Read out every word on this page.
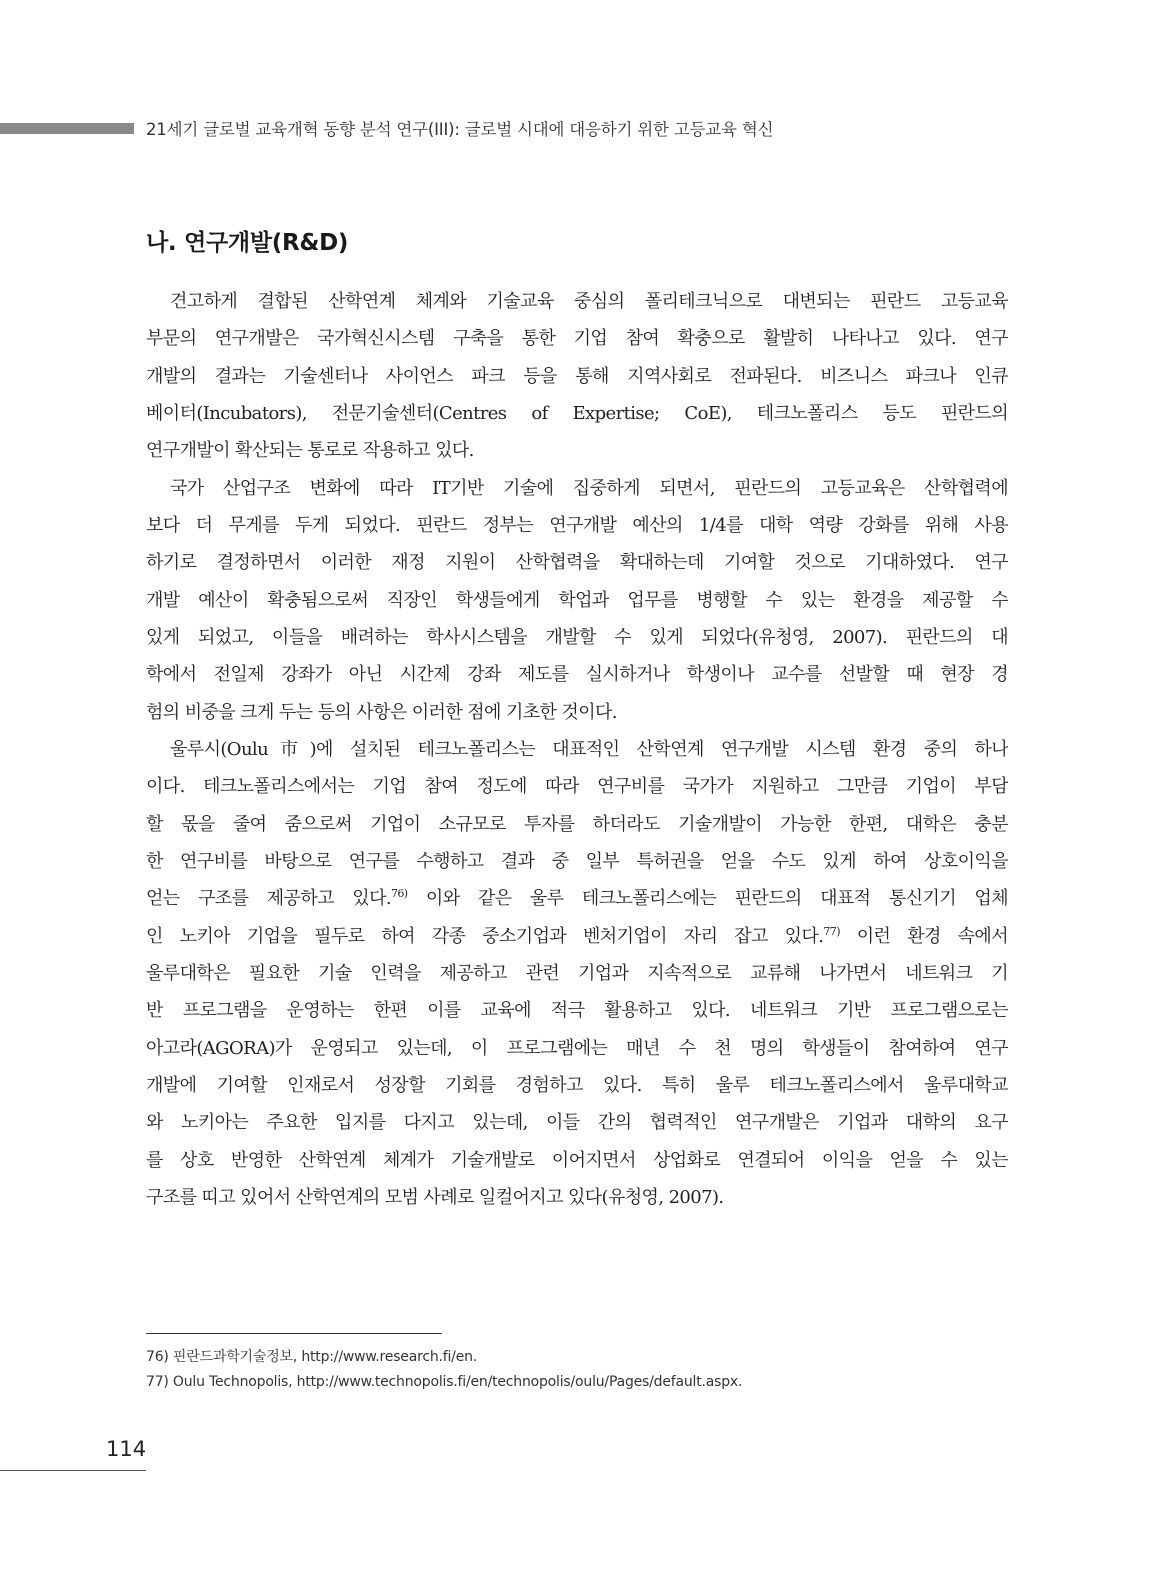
21세기 글로벌 교육개혁 동향 분석 연구(III): 글로벌 시대에 대응하기 위한 고등교육 혁신
나. 연구개발(R&D)
견고하게 결합된 산학연계 체계와 기술교육 중심의 폴리테크닉으로 대변되는 핀란드 고등교육
부문의 연구개발은 국가혁신시스템 구축을 통한 기업 참여 확충으로 활발히 나타나고 있다. 연구
개발의 결과는 기술센터나 사이언스 파크 등을 통해 지역사회로 전파된다. 비즈니스 파크나 인큐
베이터(Incubators), 전문기술센터(Centres of Expertise; CoE), 테크노폴리스 등도 핀란드의
연구개발이 확산되는 통로로 작용하고 있다.
국가 산업구조 변화에 따라 IT기반 기술에 집중하게 되면서, 핀란드의 고등교육은 산학협력에
보다 더 무게를 두게 되었다. 핀란드 정부는 연구개발 예산의 1/4를 대학 역량 강화를 위해 사용
하기로 결정하면서 이러한 재정 지원이 산학협력을 확대하는데 기여할 것으로 기대하였다. 연구
개발 예산이 확충됨으로써 직장인 학생들에게 학업과 업무를 병행할 수 있는 환경을 제공할 수
있게 되었고, 이들을 배려하는 학사시스템을 개발할 수 있게 되었다(유청영, 2007). 핀란드의 대
학에서 전일제 강좌가 아닌 시간제 강좌 제도를 실시하거나 학생이나 교수를 선발할 때 현장 경
험의 비중을 크게 두는 등의 사항은 이러한 점에 기초한 것이다.
울루시(Oulu市)에 설치된 테크노폴리스는 대표적인 산학연계 연구개발 시스템 환경 중의 하나
이다. 테크노폴리스에서는 기업 참여 정도에 따라 연구비를 국가가 지원하고 그만큼 기업이 부담
할 몫을 줄여 줌으로써 기업이 소규모로 투자를 하더라도 기술개발이 가능한 한편, 대학은 충분
한 연구비를 바탕으로 연구를 수행하고 결과 중 일부 특허권을 얻을 수도 있게 하여 상호이익을
얻는 구조를 제공하고 있다.$^{76)}$ 이와 같은 울루 테크노폴리스에는 핀란드의 대표적 통신기기 업체
인 노키아 기업을 필두로 하여 각종 중소기업과 벤처기업이 자리 잡고 있다.$^{77)}$ 이런 환경 속에서
울루대학은 필요한 기술 인력을 제공하고 관련 기업과 지속적으로 교류해 나가면서 네트워크 기
반 프로그램을 운영하는 한편 이를 교육에 적극 활용하고 있다. 네트워크 기반 프로그램으로는
아고라(AGORA)가 운영되고 있는데, 이 프로그램에는 매년 수 천 명의 학생들이 참여하여 연구
개발에 기여할 인재로서 성장할 기회를 경험하고 있다. 특히 울루 테크노폴리스에서 울루대학교
와 노키아는 주요한 입지를 다지고 있는데, 이들 간의 협력적인 연구개발은 기업과 대학의 요구
를 상호 반영한 산학연계 체계가 기술개발로 이어지면서 상업화로 연결되어 이익을 얻을 수 있는
구조를 띠고 있어서 산학연계의 모범 사례로 일컬어지고 있다(유청영, 2007).
76) 핀란드과학기술정보, http://www.research.fi/en.
77) Oulu Technopolis, http://www.technopolis.fi/en/technopolis/oulu/Pages/default.aspx.
114
